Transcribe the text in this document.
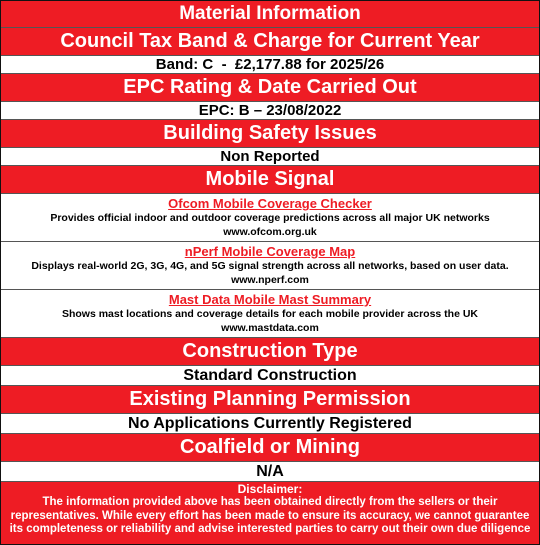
Material Information
Council Tax Band & Charge for Current Year
Band: C  -  £2,177.88 for 2025/26
EPC Rating & Date Carried Out
EPC: B – 23/08/2022
Building Safety Issues
Non Reported
Mobile Signal
Ofcom Mobile Coverage Checker
Provides official indoor and outdoor coverage predictions across all major UK networks
www.ofcom.org.uk
nPerf Mobile Coverage Map
Displays real-world 2G, 3G, 4G, and 5G signal strength across all networks, based on user data.
www.nperf.com
Mast Data Mobile Mast Summary
Shows mast locations and coverage details for each mobile provider across the UK
www.mastdata.com
Construction Type
Standard Construction
Existing Planning Permission
No Applications Currently Registered
Coalfield or Mining
N/A
Disclaimer:
The information provided above has been obtained directly from the sellers or their representatives. While every effort has been made to ensure its accuracy, we cannot guarantee its completeness or reliability and advise interested parties to carry out their own due diligence
